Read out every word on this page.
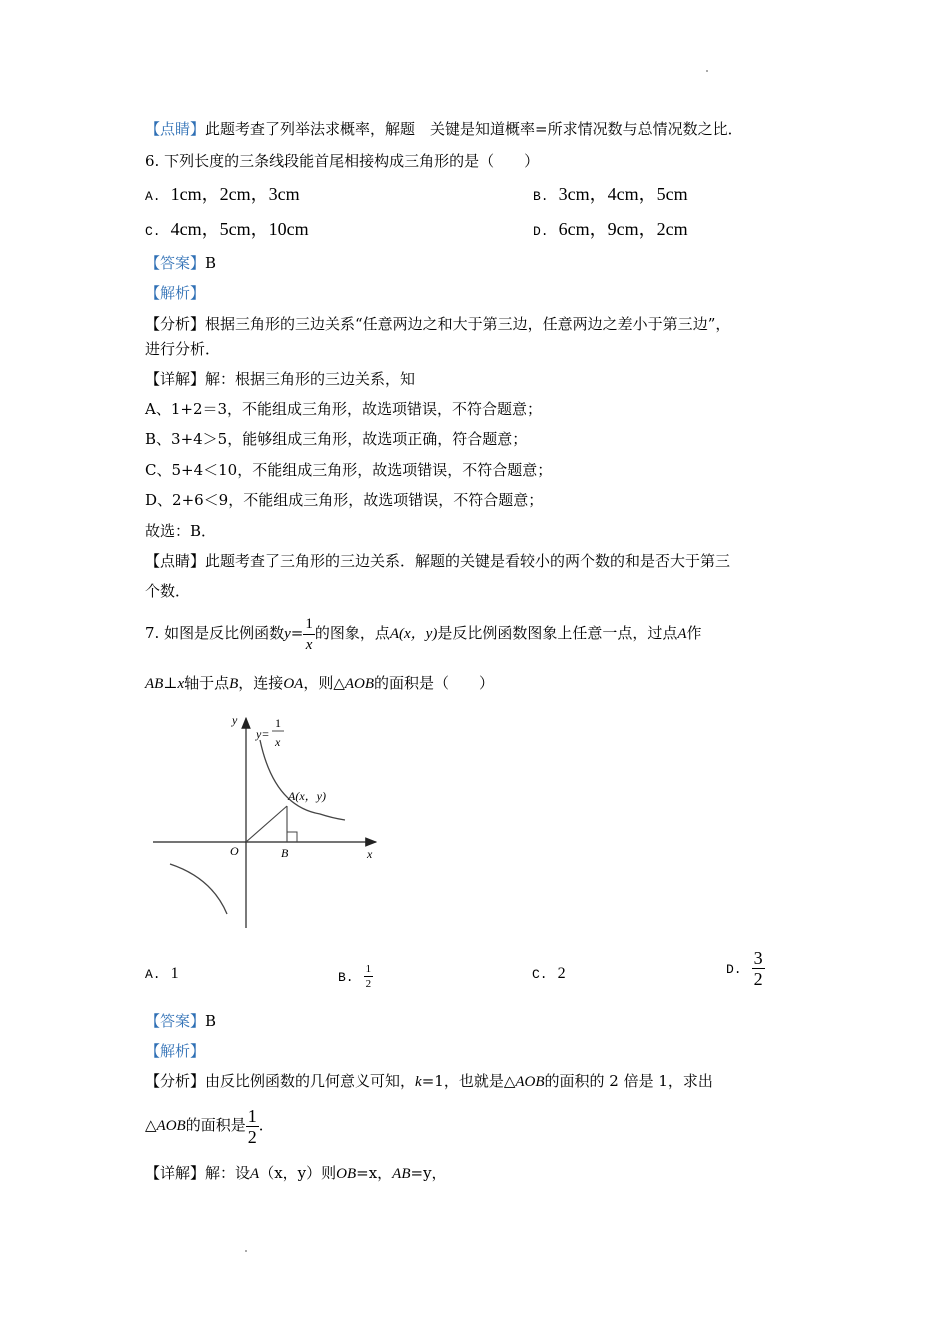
【点睛】此题考查了列举法求概率，解题　关键是知道概率=所求情况数与总情况数之比．
6. 下列长度的三条线段能首尾相接构成三角形的是（　　）
A. 1cm，2cm，3cm	B. 3cm，4cm，5cm
C. 4cm，5cm，10cm	D. 6cm，9cm，2cm
【答案】B
【解析】
【分析】根据三角形的三边关系“任意两边之和大于第三边，任意两边之差小于第三边”，
进行分析．
【详解】解：根据三角形的三边关系，知
A、1+2＝3，不能组成三角形，故选项错误，不符合题意；
B、3+4＞5，能够组成三角形，故选项正确，符合题意；
C、5+4＜10，不能组成三角形，故选项错误，不符合题意；
D、2+6＜9，不能组成三角形，故选项错误，不符合题意；
故选：B．
【点睛】此题考查了三角形的三边关系．解题的关键是看较小的两个数的和是否大于第三
个数．
7. 如图是反比例函数$y= \frac{1}{x}$ 的图象，点A(x，y)是反比例函数图象上任意一点，过点A作
AB⊥x轴于点B，连接OA，则△AOB的面积是（　　）
y
x
O	B
y=
1
x
A(x，y)
A. 1	B. $\frac{1}{2}$	C. 2	D. $\frac{3}{2}$
【答案】B
【解析】
【分析】由反比例函数的几何意义可知，k=1，也就是△AOB的面积的 2 倍是 1，求出
△AOB的面积是 $\frac{1}{2}$ ．
【详解】解：设A（x，y）则OB=x，AB=y，
